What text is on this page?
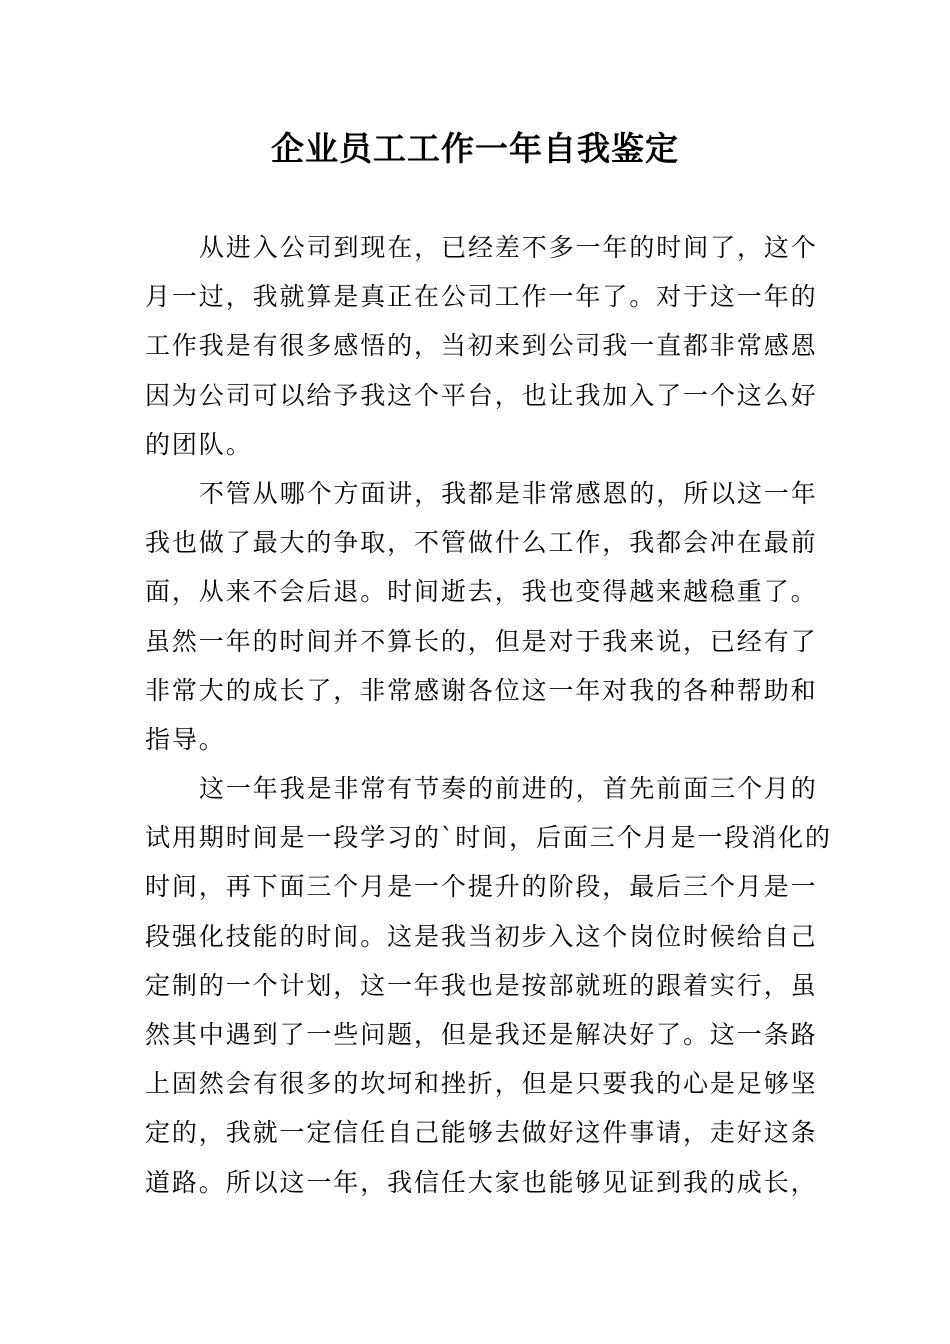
企业员工工作一年自我鉴定
从进入公司到现在，已经差不多一年的时间了，这个
月一过，我就算是真正在公司工作一年了。对于这一年的
工作我是有很多感悟的，当初来到公司我一直都非常感恩
因为公司可以给予我这个平台，也让我加入了一个这么好
的团队。
不管从哪个方面讲，我都是非常感恩的，所以这一年
我也做了最大的争取，不管做什么工作，我都会冲在最前
面，从来不会后退。时间逝去，我也变得越来越稳重了。
虽然一年的时间并不算长的，但是对于我来说，已经有了
非常大的成长了，非常感谢各位这一年对我的各种帮助和
指导。
这一年我是非常有节奏的前进的，首先前面三个月的
试用期时间是一段学习的`时间，后面三个月是一段消化的
时间，再下面三个月是一个提升的阶段，最后三个月是一
段强化技能的时间。这是我当初步入这个岗位时候给自己
定制的一个计划，这一年我也是按部就班的跟着实行，虽
然其中遇到了一些问题，但是我还是解决好了。这一条路
上固然会有很多的坎坷和挫折，但是只要我的心是足够坚
定的，我就一定信任自己能够去做好这件事请，走好这条
道路。所以这一年，我信任大家也能够见证到我的成长，
